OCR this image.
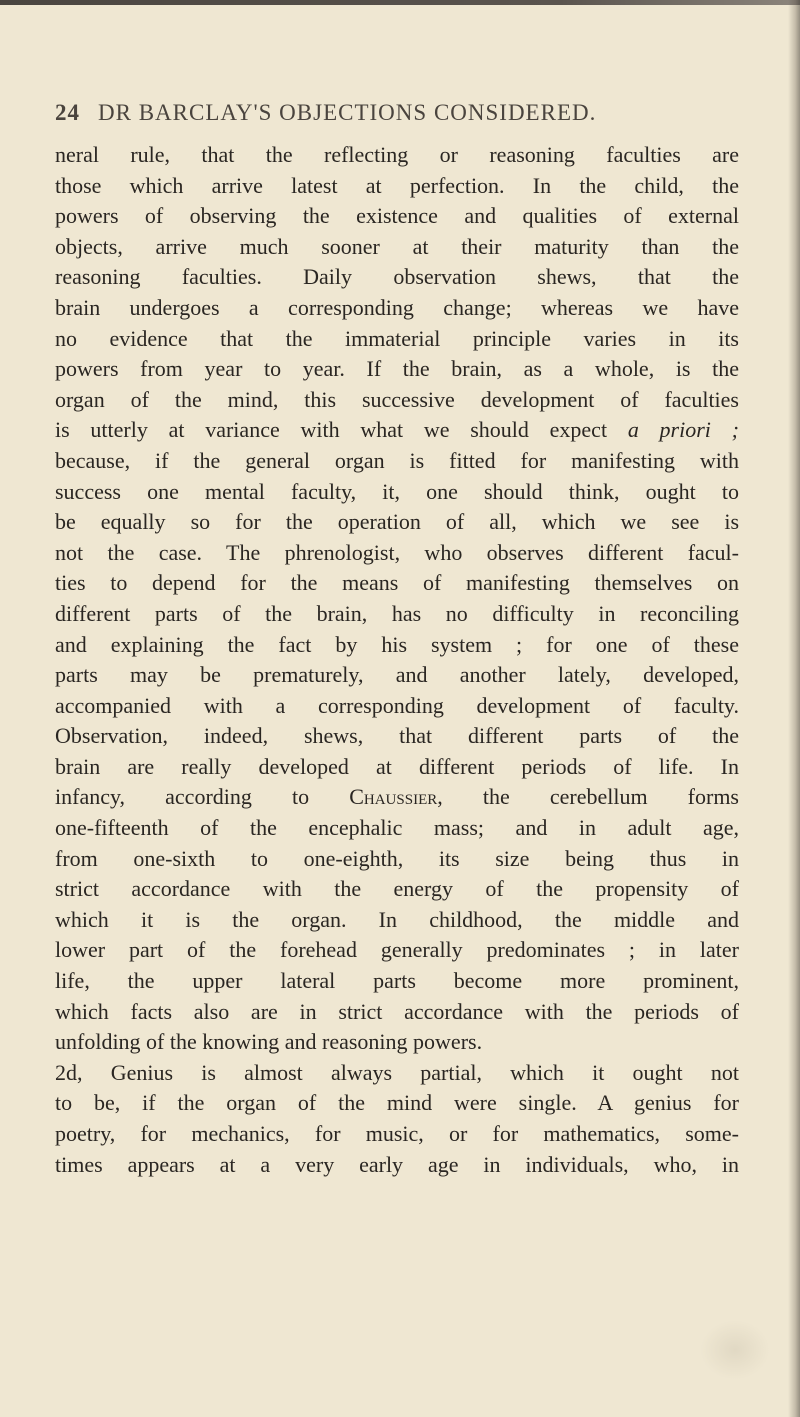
24 DR BARCLAY'S OBJECTIONS CONSIDERED.
neral rule, that the reflecting or reasoning faculties are
those which arrive latest at perfection. In the child, the
powers of observing the existence and qualities of external
objects, arrive much sooner at their maturity than the
reasoning faculties. Daily observation shews, that the
brain undergoes a corresponding change; whereas we have
no evidence that the immaterial principle varies in its
powers from year to year. If the brain, as a whole, is the
organ of the mind, this successive development of faculties
is utterly at variance with what we should expect a priori ;
because, if the general organ is fitted for manifesting with
success one mental faculty, it, one should think, ought to
be equally so for the operation of all, which we see is
not the case. The phrenologist, who observes different facul-
ties to depend for the means of manifesting themselves on
different parts of the brain, has no difficulty in reconciling
and explaining the fact by his system ; for one of these
parts may be prematurely, and another lately, developed,
accompanied with a corresponding development of faculty.
Observation, indeed, shews, that different parts of the
brain are really developed at different periods of life. In
infancy, according to Chaussier, the cerebellum forms
one-fifteenth of the encephalic mass; and in adult age,
from one-sixth to one-eighth, its size being thus in
strict accordance with the energy of the propensity of
which it is the organ. In childhood, the middle and
lower part of the forehead generally predominates ; in later
life, the upper lateral parts become more prominent,
which facts also are in strict accordance with the periods of
unfolding of the knowing and reasoning powers.
2d, Genius is almost always partial, which it ought not
to be, if the organ of the mind were single. A genius for
poetry, for mechanics, for music, or for mathematics, some-
times appears at a very early age in individuals, who, in
